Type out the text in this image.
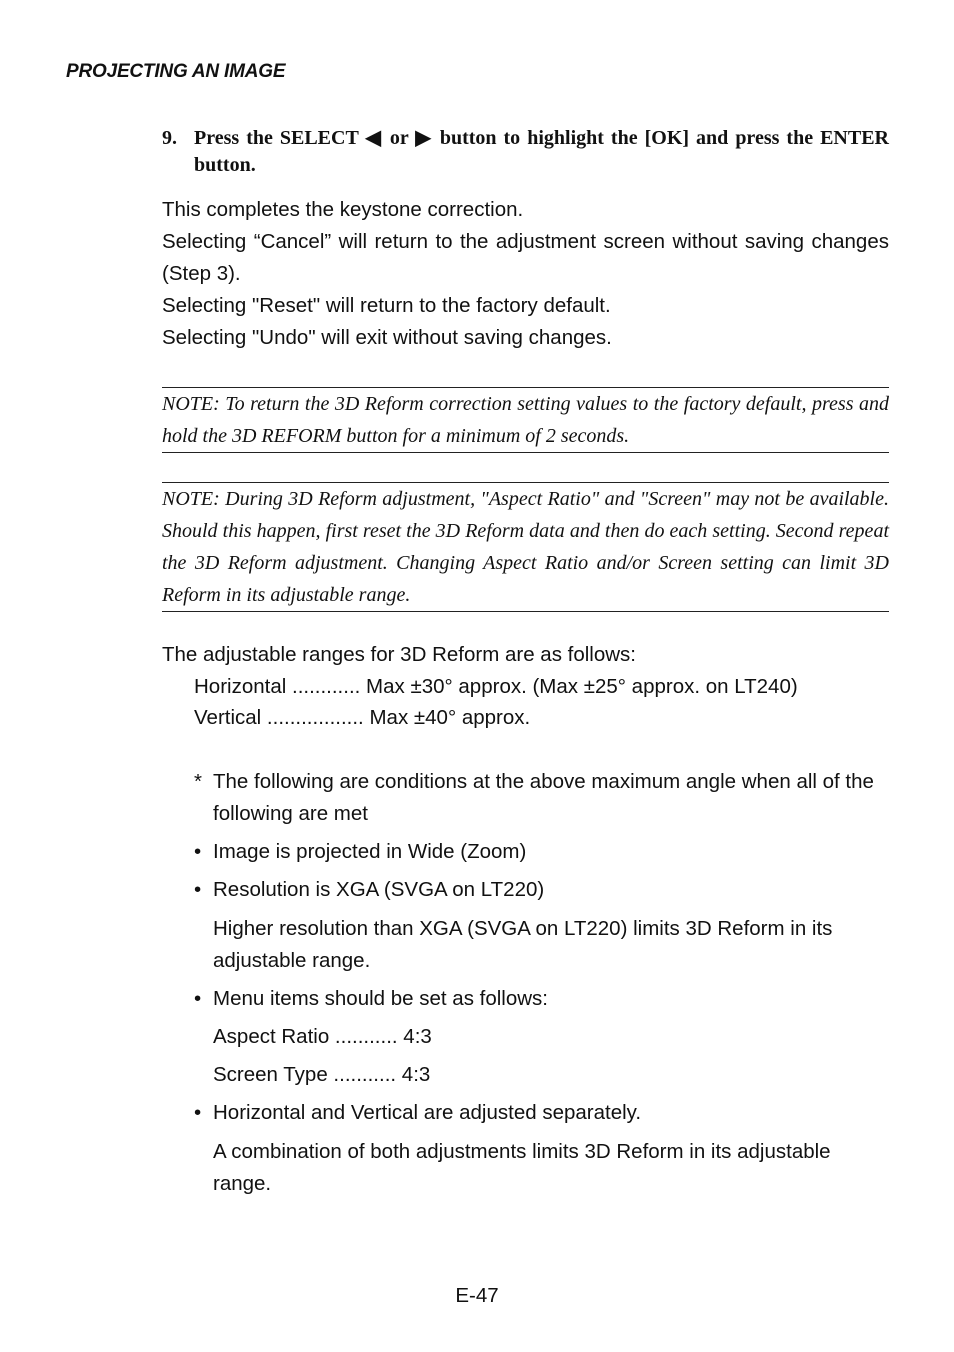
PROJECTING AN IMAGE
9. Press the SELECT ◀ or ▶ button to highlight the [OK] and press the ENTER button.

This completes the keystone correction.

Selecting “Cancel” will return to the adjustment screen without saving changes (Step 3).

Selecting "Reset" will return to the factory default.

Selecting "Undo" will exit without saving changes.

NOTE: To return the 3D Reform correction setting values to the factory default, press and hold the 3D REFORM button for a minimum of 2 seconds.

NOTE: During 3D Reform adjustment, "Aspect Ratio" and "Screen" may not be available. Should this happen, first reset the 3D Reform data and then do each setting. Second repeat the 3D Reform adjustment. Changing Aspect Ratio and/or Screen setting can limit 3D Reform in its adjustable range.

The adjustable ranges for 3D Reform are as follows:
Horizontal ............ Max ±30° approx. (Max ±25° approx. on LT240)
Vertical ................. Max ±40° approx.
* The following are conditions at the above maximum angle when all of the following are met
• Image is projected in Wide (Zoom)
• Resolution is XGA (SVGA on LT220)
Higher resolution than XGA (SVGA on LT220) limits 3D Reform in its adjustable range.
• Menu items should be set as follows:
Aspect Ratio ........... 4:3
Screen Type ........... 4:3
• Horizontal and Vertical are adjusted separately.
A combination of both adjustments limits 3D Reform in its adjustable range.
E-47
